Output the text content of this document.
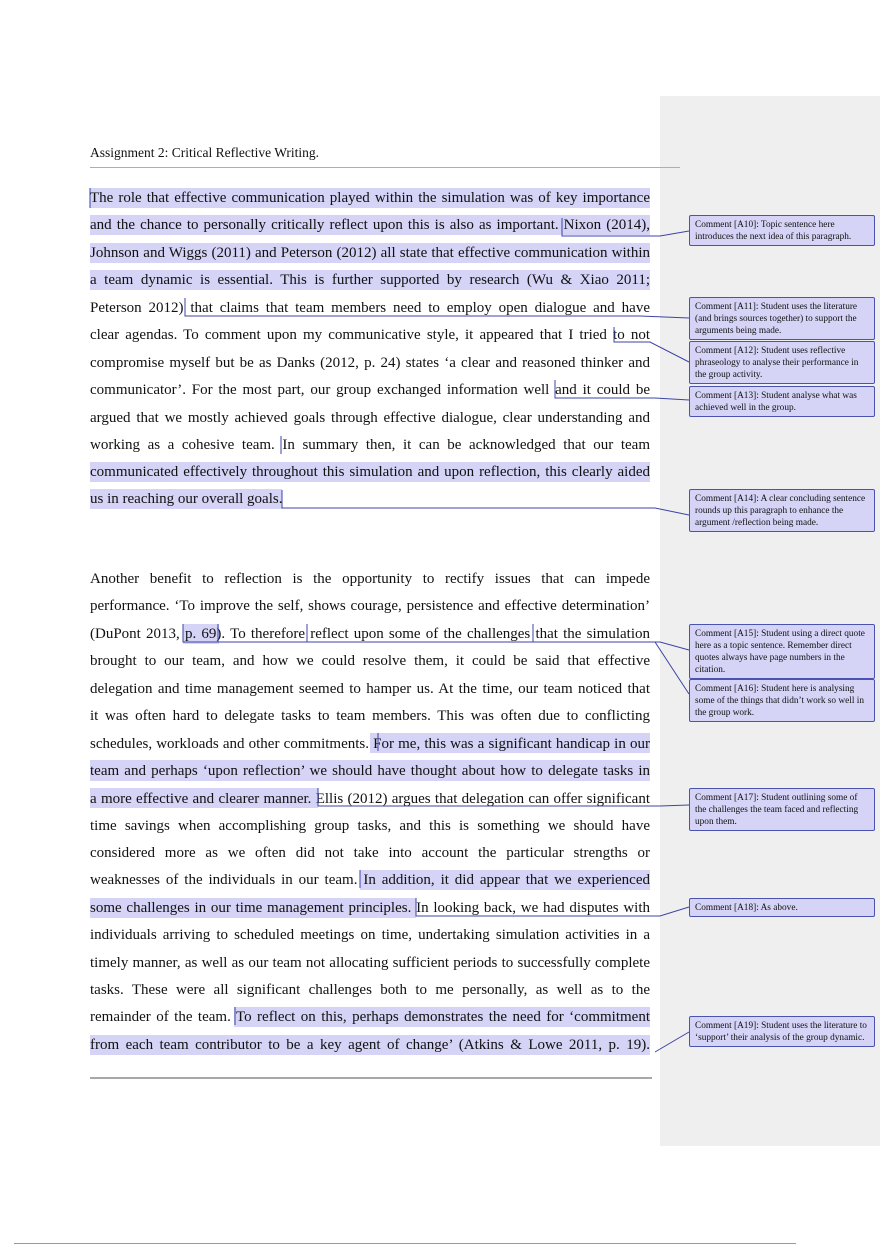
Assignment 2: Critical Reflective Writing.
The role that effective communication played within the simulation was of key importance
and the chance to personally critically reflect upon this is also as important. Nixon (2014),
Johnson and Wiggs (2011) and Peterson (2012) all state that effective communication within
a team dynamic is essential. This is further supported by research (Wu & Xiao 2011;
Peterson 2012) that claims that team members need to employ open dialogue and have
clear agendas. To comment upon my communicative style, it appeared that I tried to not
compromise myself but be as Danks (2012, p. 24) states ‘a clear and reasoned thinker and
communicator’. For the most part, our group exchanged information well and it could be
argued that we mostly achieved goals through effective dialogue, clear understanding and
working as a cohesive team. In summary then, it can be acknowledged that our team
communicated effectively throughout this simulation and upon reflection, this clearly aided
us in reaching our overall goals.
Another benefit to reflection is the opportunity to rectify issues that can impede
performance. ‘To improve the self, shows courage, persistence and effective determination’
(DuPont 2013, p. 69). To therefore reflect upon some of the challenges that the simulation
brought to our team, and how we could resolve them, it could be said that effective
delegation and time management seemed to hamper us. At the time, our team noticed that
it was often hard to delegate tasks to team members. This was often due to conflicting
schedules, workloads and other commitments. For me, this was a significant handicap in our
team and perhaps ‘upon reflection’ we should have thought about how to delegate tasks in
a more effective and clearer manner. Ellis (2012) argues that delegation can offer significant
time savings when accomplishing group tasks, and this is something we should have
considered more as we often did not take into account the particular strengths or
weaknesses of the individuals in our team. In addition, it did appear that we experienced
some challenges in our time management principles. In looking back, we had disputes with
individuals arriving to scheduled meetings on time, undertaking simulation activities in a
timely manner, as well as our team not allocating sufficient periods to successfully complete
tasks. These were all significant challenges both to me personally, as well as to the
remainder of the team. To reflect on this, perhaps demonstrates the need for ‘commitment
from each team contributor to be a key agent of change’ (Atkins & Lowe 2011, p. 19).
Comment [A10]: Topic sentence here introduces the next idea of this paragraph.
Comment [A11]: Student uses the literature (and brings sources together) to support the arguments being made.
Comment [A12]: Student uses reflective phraseology to analyse their performance in the group activity.
Comment [A13]: Student analyse what was achieved well in the group.
Comment [A14]: A clear concluding sentence rounds up this paragraph to enhance the argument /reflection being made.
Comment [A15]: Student using a direct quote here as a topic sentence. Remember direct quotes always have page numbers in the citation.
Comment [A16]: Student here is analysing some of the things that didn’t work so well in the group work.
Comment [A17]: Student outlining some of the challenges the team faced and reflecting upon them.
Comment [A18]: As above.
Comment [A19]: Student uses the literature to ‘support’ their analysis of the group dynamic.
